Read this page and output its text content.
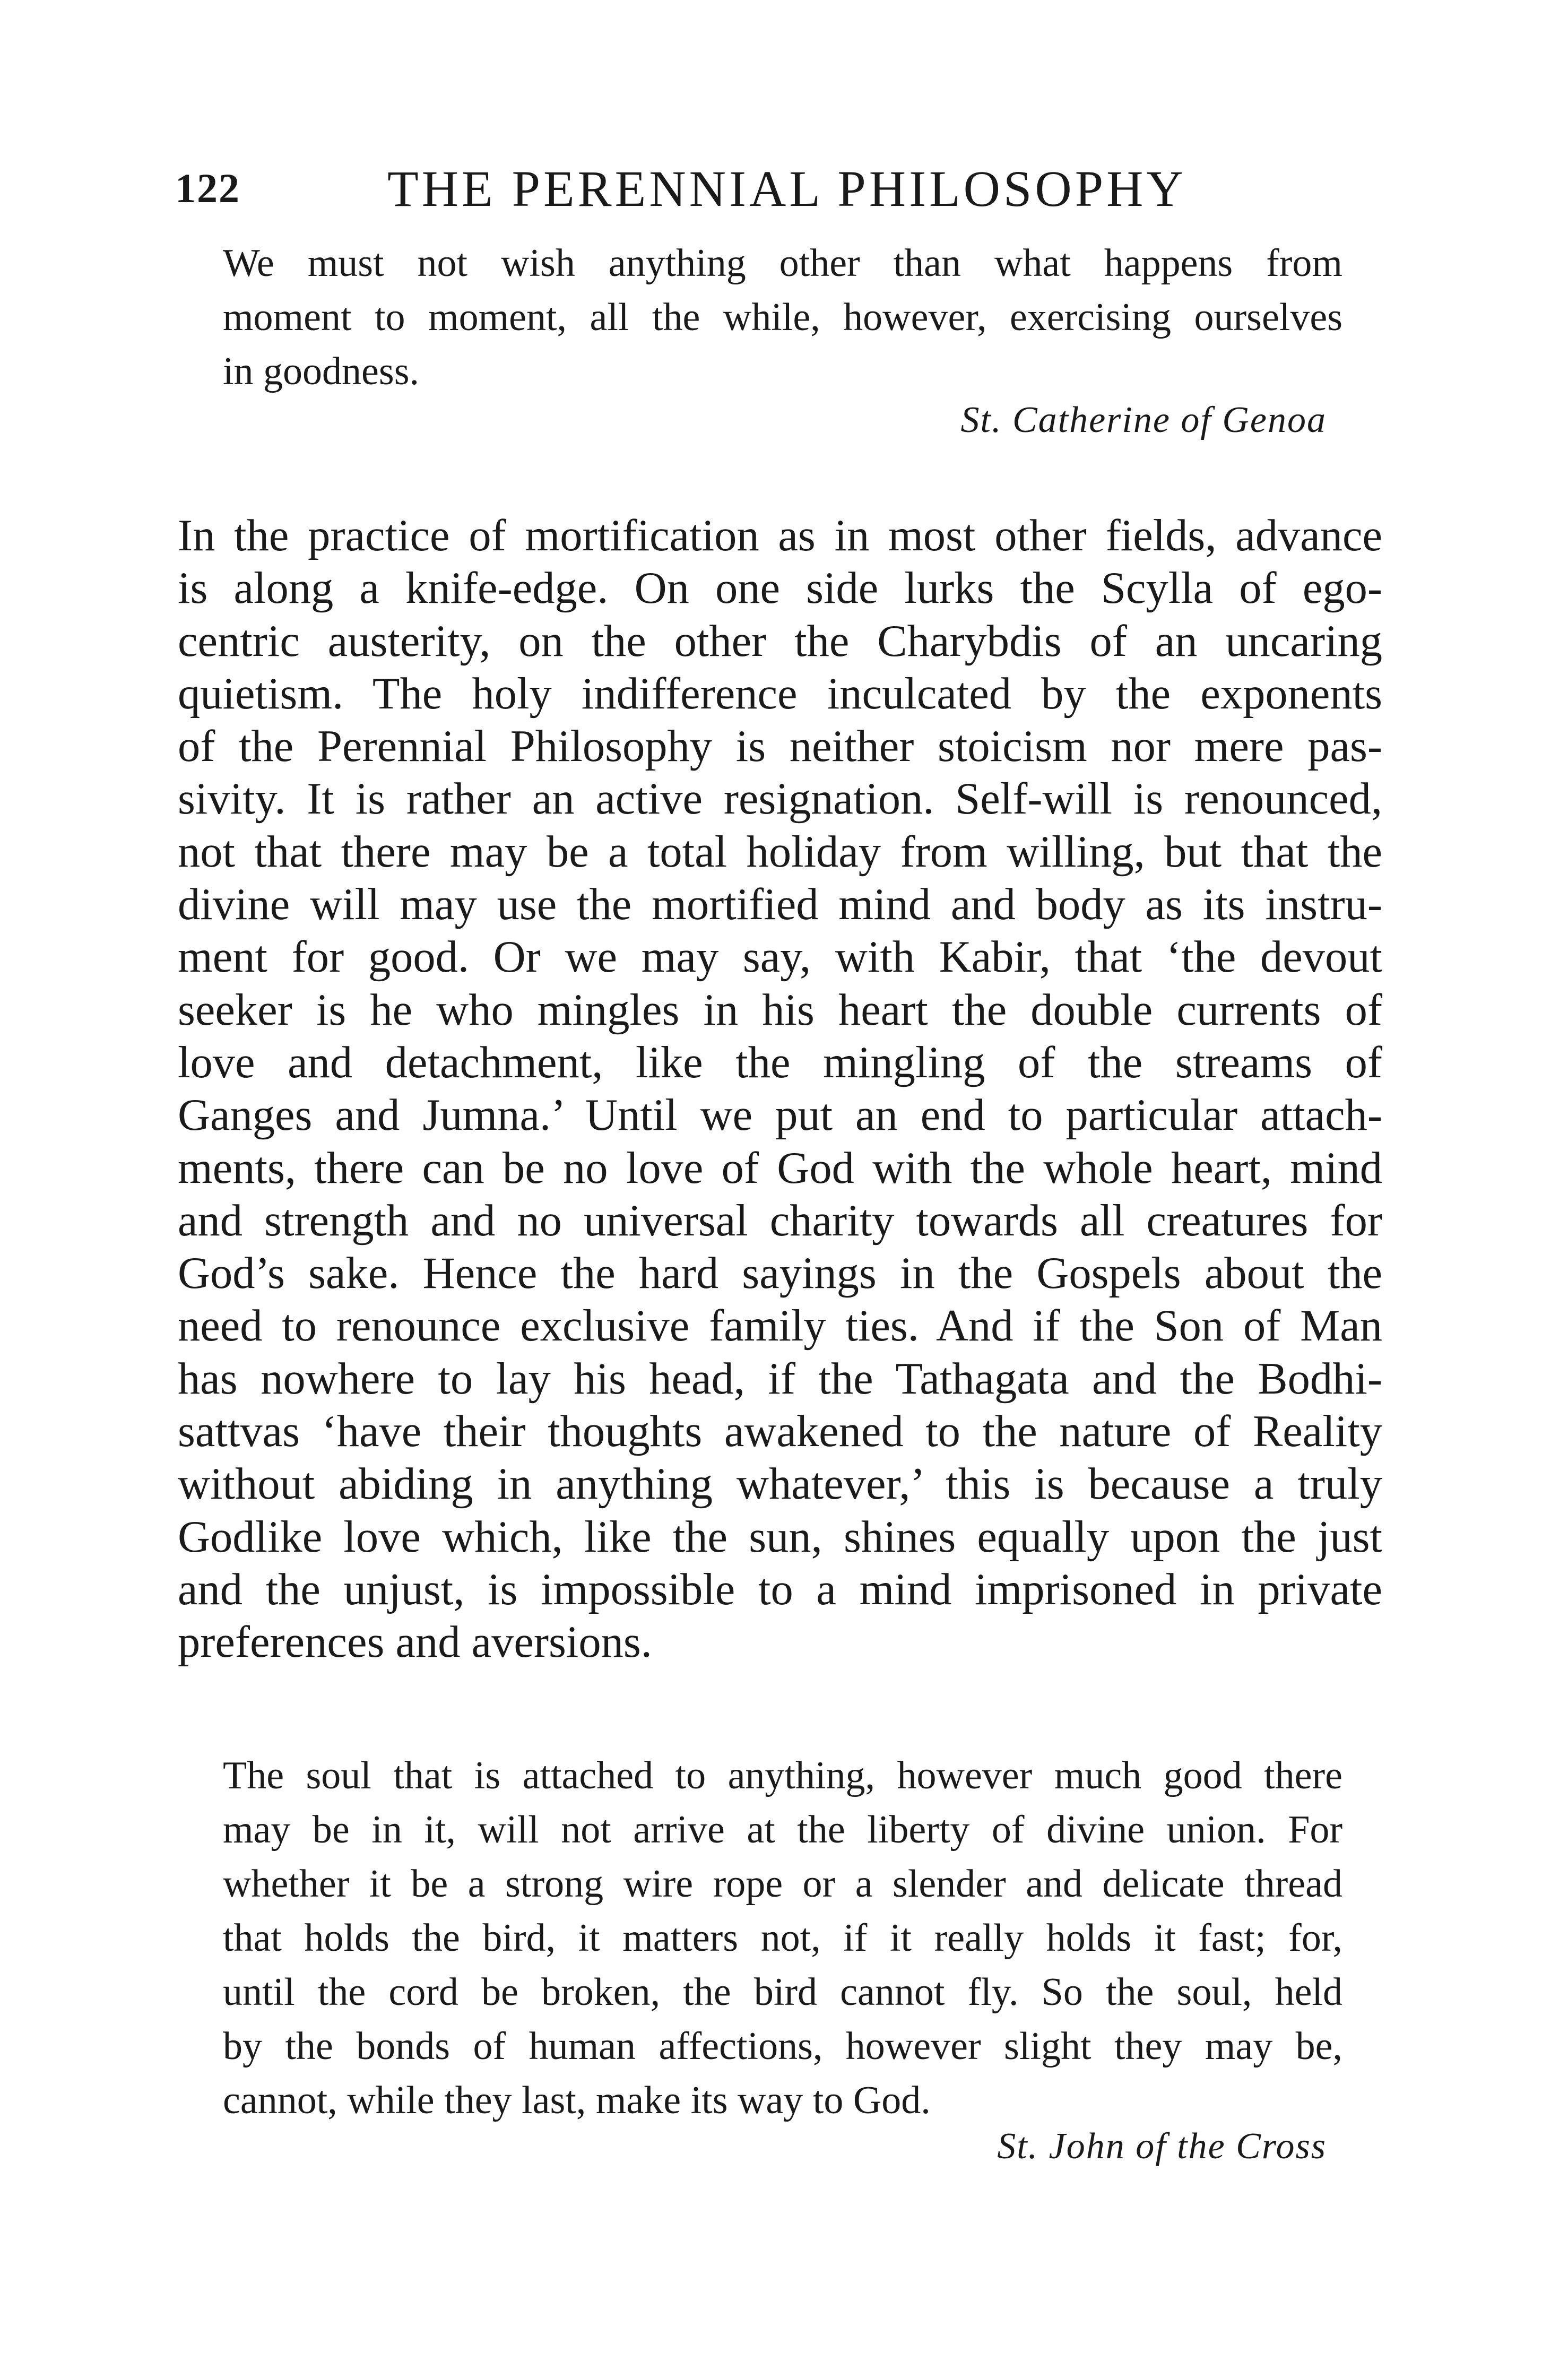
122	THE PERENNIAL PHILOSOPHY
We must not wish anything other than what happens from
moment to moment, all the while, however, exercising ourselves
in goodness.
St. Catherine of Genoa
In the practice of mortification as in most other fields, advance
is along a knife-edge. On one side lurks the Scylla of ego-
centric austerity, on the other the Charybdis of an uncaring
quietism. The holy indifference inculcated by the exponents
of the Perennial Philosophy is neither stoicism nor mere pas-
sivity. It is rather an active resignation. Self-will is renounced,
not that there may be a total holiday from willing, but that the
divine will may use the mortified mind and body as its instru-
ment for good. Or we may say, with Kabir, that ‘the devout
seeker is he who mingles in his heart the double currents of
love and detachment, like the mingling of the streams of
Ganges and Jumna.’ Until we put an end to particular attach-
ments, there can be no love of God with the whole heart, mind
and strength and no universal charity towards all creatures for
God’s sake. Hence the hard sayings in the Gospels about the
need to renounce exclusive family ties. And if the Son of Man
has nowhere to lay his head, if the Tathagata and the Bodhi-
sattvas ‘have their thoughts awakened to the nature of Reality
without abiding in anything whatever,’ this is because a truly
Godlike love which, like the sun, shines equally upon the just
and the unjust, is impossible to a mind imprisoned in private
preferences and aversions.
The soul that is attached to anything, however much good there
may be in it, will not arrive at the liberty of divine union. For
whether it be a strong wire rope or a slender and delicate thread
that holds the bird, it matters not, if it really holds it fast; for,
until the cord be broken, the bird cannot fly. So the soul, held
by the bonds of human affections, however slight they may be,
cannot, while they last, make its way to God.
St. John of the Cross
